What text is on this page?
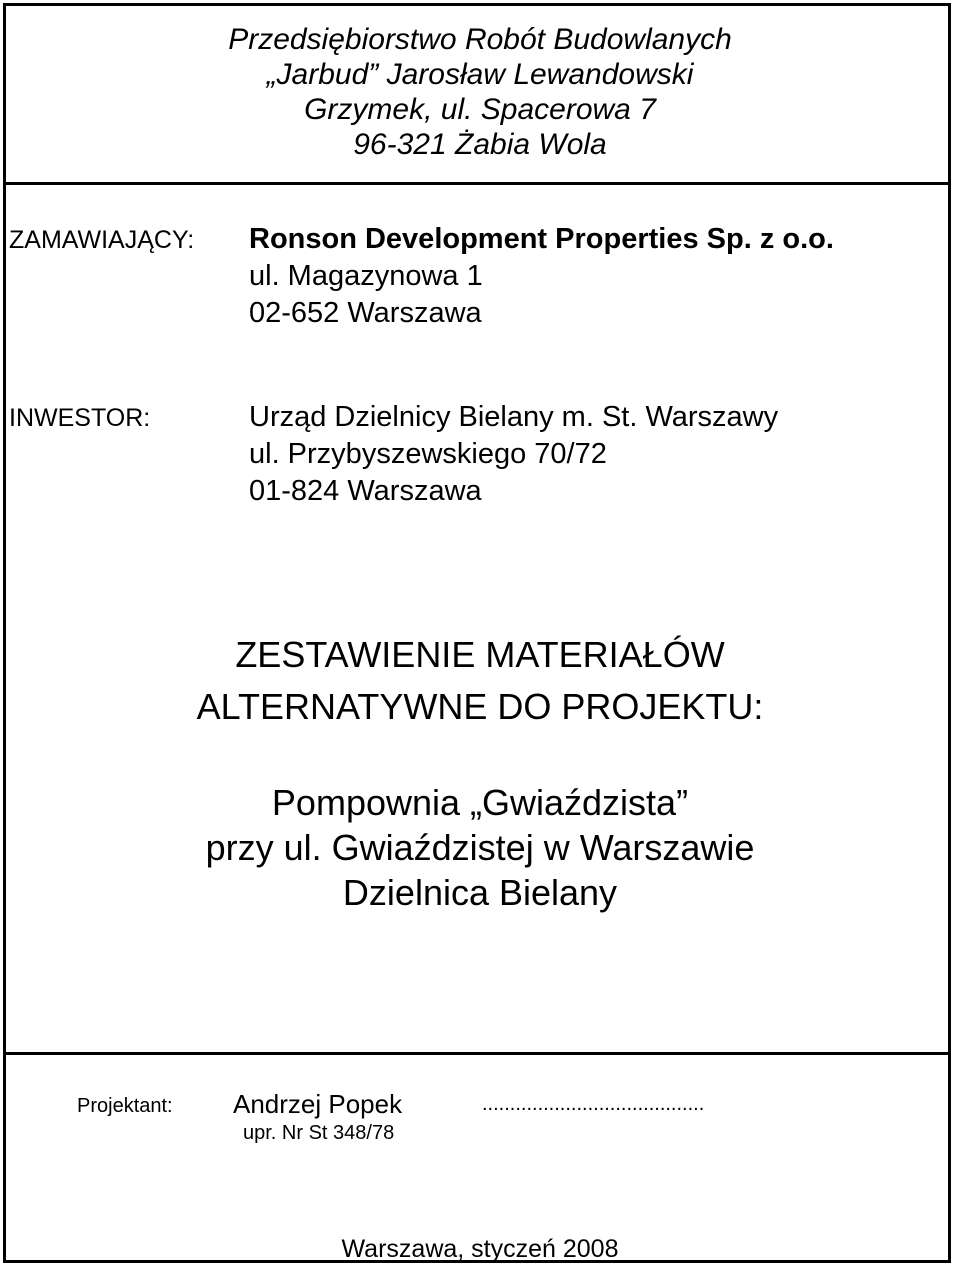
Przedsiębiorstwo Robót Budowlanych
„Jarbud” Jarosław Lewandowski
Grzymek, ul. Spacerowa 7
96-321 Żabia Wola
ZAMAWIAJĄCY: Ronson Development Properties Sp. z o.o.
ul. Magazynowa 1
02-652 Warszawa
INWESTOR:	Urząd Dzielnicy Bielany m. St. Warszawy
ul. Przybyszewskiego 70/72
01-824 Warszawa
ZESTAWIENIE MATERIAŁÓW
ALTERNATYWNE DO PROJEKTU:
Pompownia „Gwiaździsta”
przy ul. Gwiaździstej w Warszawie
Dzielnica Bielany
Projektant: Andrzej Popek
upr. Nr St 348/78
........................................
Warszawa, styczeń 2008
